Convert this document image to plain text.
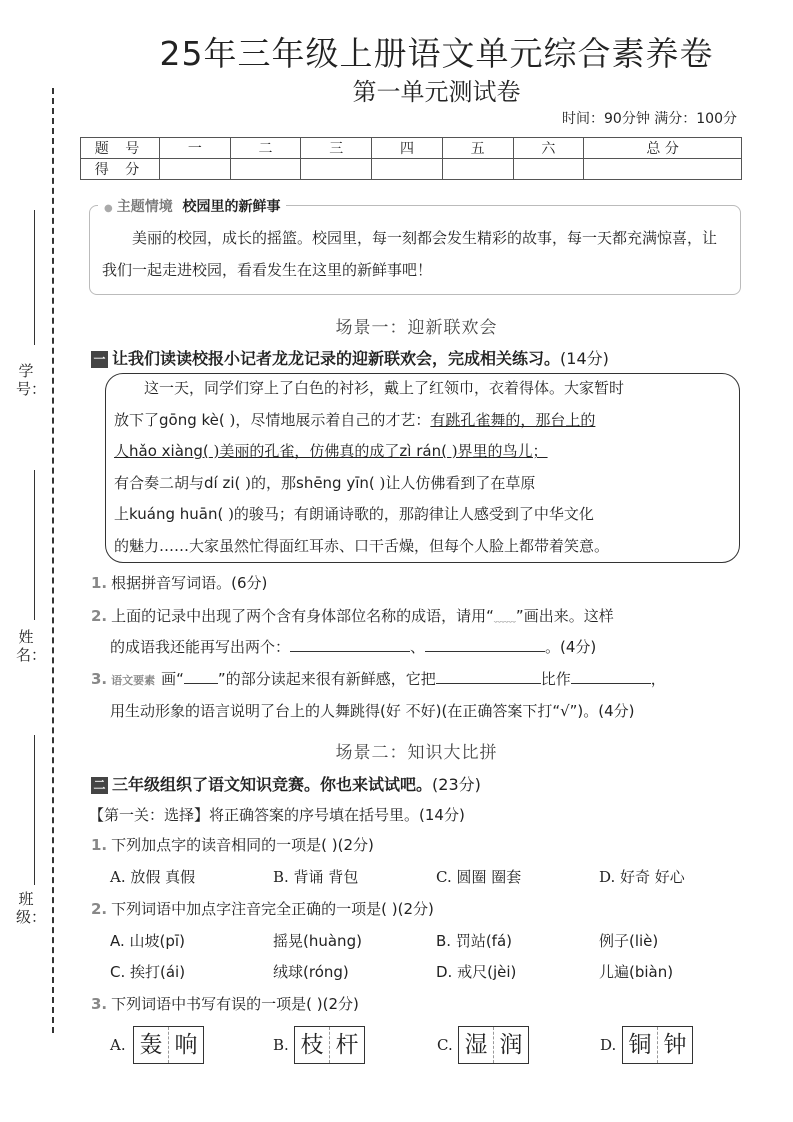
学号：
姓名：
班级：
25年三年级上册语文单元综合素养卷
第一单元测试卷
时间：90分钟 满分：100分
题 号	一	二	三	四	五	六	总 分
得 分							
● 主题情境 校园里的新鲜事
美丽的校园，成长的摇篮。校园里，每一刻都会发生精彩的故事，每一天都充满惊喜，让我们一起走进校园，看看发生在这里的新鲜事吧！
场景一：迎新联欢会
一 让我们读读校报小记者龙龙记录的迎新联欢会，完成相关练习。(14分)
这一天，同学们穿上了白色的衬衫，戴上了红领巾，衣着得体。大家暂时
放下了gōng kè( )，尽情地展示着自己的才艺：有跳孔雀舞的，那台上的
人hǎo xiàng( )美丽的孔雀，仿佛真的成了zì rán( )界里的鸟儿；
有合奏二胡与dí zi( )的，那shēng yīn( )让人仿佛看到了在草原
上kuáng huān( )的骏马；有朗诵诗歌的，那韵律让人感受到了中华文化
的魅力……大家虽然忙得面红耳赤、口干舌燥，但每个人脸上都带着笑意。
1. 根据拼音写词语。(6分)
2. 上面的记录中出现了两个含有身体部位名称的成语，请用“﹏﹏”画出来。这样
的成语我还能再写出两个：	、	。(4分)
3. 语文要素 画“ ”的部分读起来很有新鲜感，它把	比作	，
用生动形象的语言说明了台上的人舞跳得(好 不好)(在正确答案下打“√”)。(4分)
场景二：知识大比拼
二 三年级组织了语文知识竞赛。你也来试试吧。(23分)
【第一关：选择】将正确答案的序号填在括号里。(14分)
1. 下列加点字的读音相同的一项是( )(2分)
A. 放假 真假	B. 背诵 背包	C. 圆圈 圈套	D. 好奇 好心
2. 下列词语中加点字注音完全正确的一项是( )(2分)
A. 山坡(pī)	摇晃(huàng)	B. 罚站(fá)	例子(liè)
C. 挨打(ái)	绒球(róng)	D. 戒尺(jèi)	儿遍(biàn)
3. 下列词语中书写有误的一项是( )(2分)
A. 轰 响	B. 枝 杆	C. 湿 润	D. 铜 钟
